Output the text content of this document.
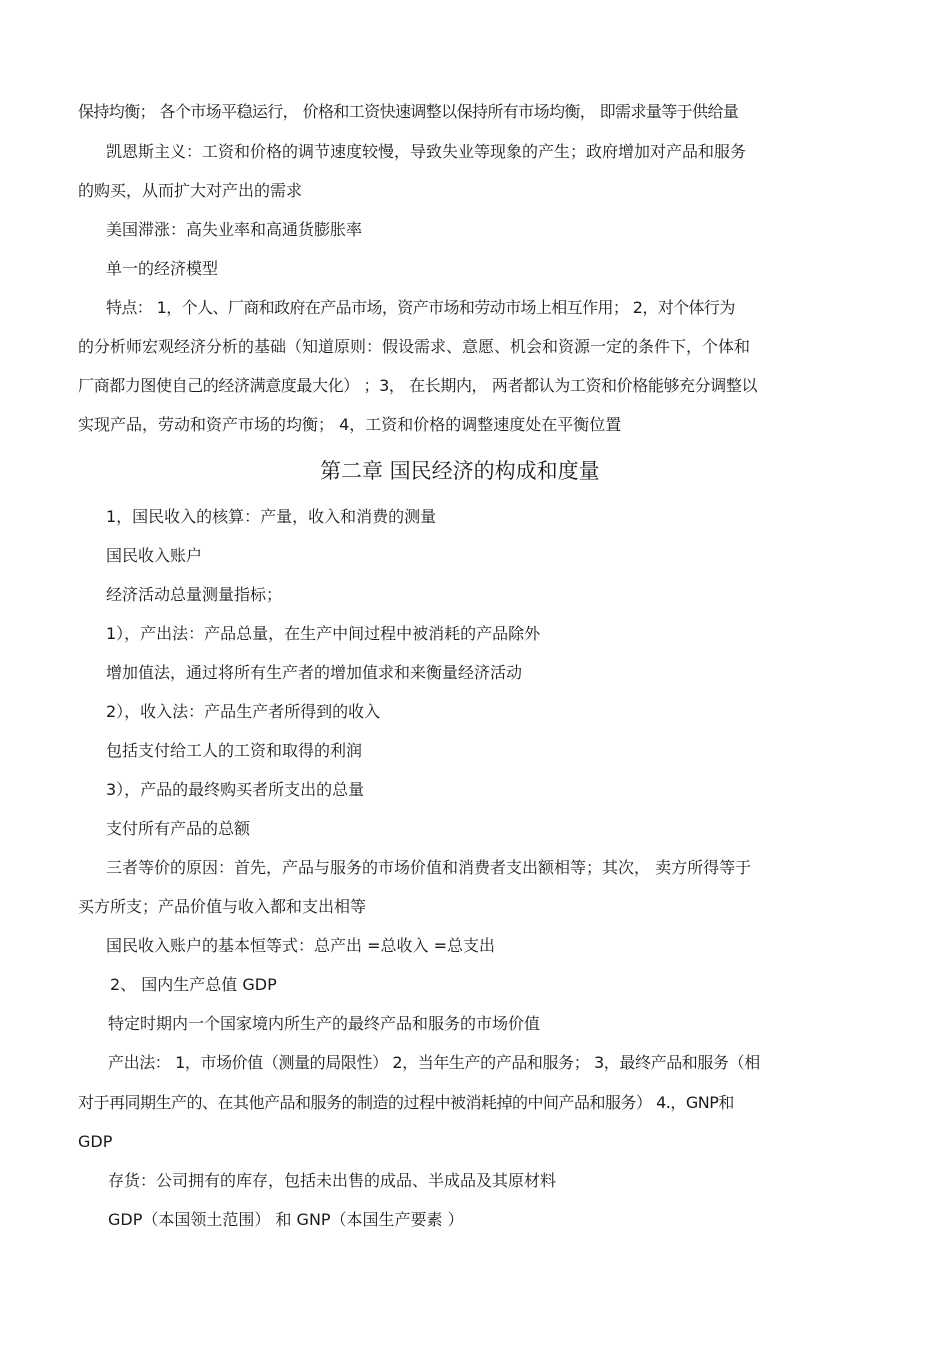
保持均衡； 各个市场平稳运行， 价格和工资快速调整以保持所有市场均衡， 即需求量等于供给量
凯恩斯主义：工资和价格的调节速度较慢，导致失业等现象的产生；政府增加对产品和服务
的购买，从而扩大对产出的需求
美国滞涨：高失业率和高通货膨胀率
单一的经济模型
特点： 1，个人、厂商和政府在产品市场，资产市场和劳动市场上相互作用； 2，对个体行为
的分析师宏观经济分析的基础（知道原则：假设需求、意愿、机会和资源一定的条件下，个体和
厂商都力图使自己的经济满意度最大化） ；3， 在长期内， 两者都认为工资和价格能够充分调整以
实现产品，劳动和资产市场的均衡； 4，工资和价格的调整速度处在平衡位置
第二章 国民经济的构成和度量
1，国民收入的核算：产量，收入和消费的测量
国民收入账户
经济活动总量测量指标；
1），产出法：产品总量，在生产中间过程中被消耗的产品除外
增加值法，通过将所有生产者的增加值求和来衡量经济活动
2），收入法：产品生产者所得到的收入
包括支付给工人的工资和取得的利润
3），产品的最终购买者所支出的总量
支付所有产品的总额
三者等价的原因：首先，产品与服务的市场价值和消费者支出额相等；其次， 卖方所得等于
买方所支；产品价值与收入都和支出相等
国民收入账户的基本恒等式：总产出 =总收入 =总支出
2、 国内生产总值 GDP
特定时期内一个国家境内所生产的最终产品和服务的市场价值
产出法： 1，市场价值（测量的局限性） 2，当年生产的产品和服务； 3，最终产品和服务（相
对于再同期生产的、在其他产品和服务的制造的过程中被消耗掉的中间产品和服务） 4.，GNP和
GDP
存货：公司拥有的库存，包括未出售的成品、半成品及其原材料
GDP（本国领土范围） 和 GNP（本国生产要素 ）
